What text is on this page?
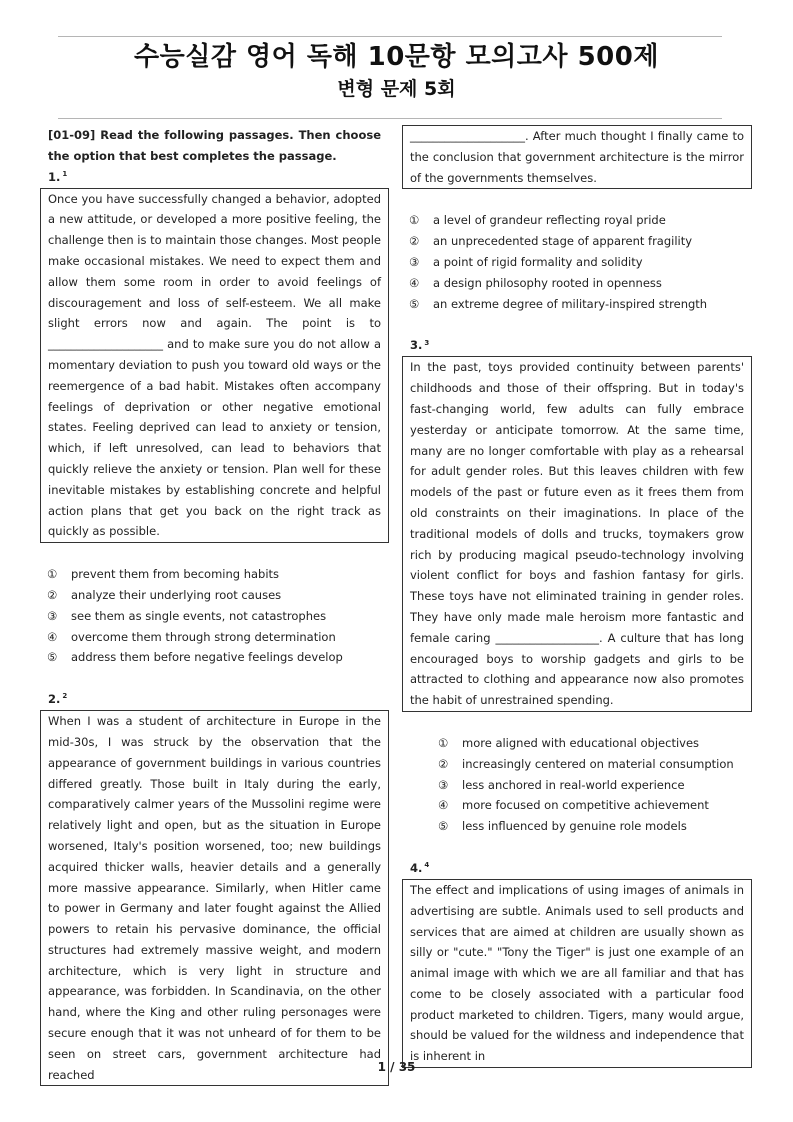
수능실감 영어 독해 10문항 모의고사 500제
변형 문제 5회
[01-09] Read the following passages. Then choose the option that best completes the passage.
1. $^1$

Once you have successfully changed a behavior, adopted a new attitude, or developed a more positive feeling, the challenge then is to maintain those changes. Most people make occasional mistakes. We need to expect them and allow them some room in order to avoid feelings of discouragement and loss of self-esteem. We all make slight errors now and again. The point is to ____________________ and to make sure you do not allow a momentary deviation to push you toward old ways or the reemergence of a bad habit. Mistakes often accompany feelings of deprivation or other negative emotional states. Feeling deprived can lead to anxiety or tension, which, if left unresolved, can lead to behaviors that quickly relieve the anxiety or tension. Plan well for these inevitable mistakes by establishing concrete and helpful action plans that get you back on the right track as quickly as possible.

① prevent them from becoming habits
② analyze their underlying root causes
③ see them as single events, not catastrophes
④ overcome them through strong determination
⑤ address them before negative feelings develop
2. $^2$

When I was a student of architecture in Europe in the mid-30s, I was struck by the observation that the appearance of government buildings in various countries differed greatly. Those built in Italy during the early, comparatively calmer years of the Mussolini regime were relatively light and open, but as the situation in Europe worsened, Italy's position worsened, too; new buildings acquired thicker walls, heavier details and a generally more massive appearance. Similarly, when Hitler came to power in Germany and later fought against the Allied powers to retain his pervasive dominance, the official structures had extremely massive weight, and modern architecture, which is very light in structure and appearance, was forbidden. In Scandinavia, on the other hand, where the King and other ruling personages were secure enough that it was not unheard of for them to be seen on street cars, government architecture had reached

____________________. After much thought I finally came to the conclusion that government architecture is the mirror of the governments themselves.

① a level of grandeur reflecting royal pride
② an unprecedented stage of apparent fragility
③ a point of rigid formality and solidity
④ a design philosophy rooted in openness
⑤ an extreme degree of military-inspired strength
3. $^3$

In the past, toys provided continuity between parents' childhoods and those of their offspring. But in today's fast-changing world, few adults can fully embrace yesterday or anticipate tomorrow. At the same time, many are no longer comfortable with play as a rehearsal for adult gender roles. But this leaves children with few models of the past or future even as it frees them from old constraints on their imaginations. In place of the traditional models of dolls and trucks, toymakers grow rich by producing magical pseudo-technology involving violent conflict for boys and fashion fantasy for girls. These toys have not eliminated training in gender roles. They have only made male heroism more fantastic and female caring __________________. A culture that has long encouraged boys to worship gadgets and girls to be attracted to clothing and appearance now also promotes the habit of unrestrained spending.

① more aligned with educational objectives
② increasingly centered on material consumption
③ less anchored in real-world experience
④ more focused on competitive achievement
⑤ less influenced by genuine role models
4. $^4$

The effect and implications of using images of animals in advertising are subtle. Animals used to sell products and services that are aimed at children are usually shown as silly or "cute." "Tony the Tiger" is just one example of an animal image with which we are all familiar and that has come to be closely associated with a particular food product marketed to children. Tigers, many would argue, should be valued for the wildness and independence that is inherent in

1 / 35
